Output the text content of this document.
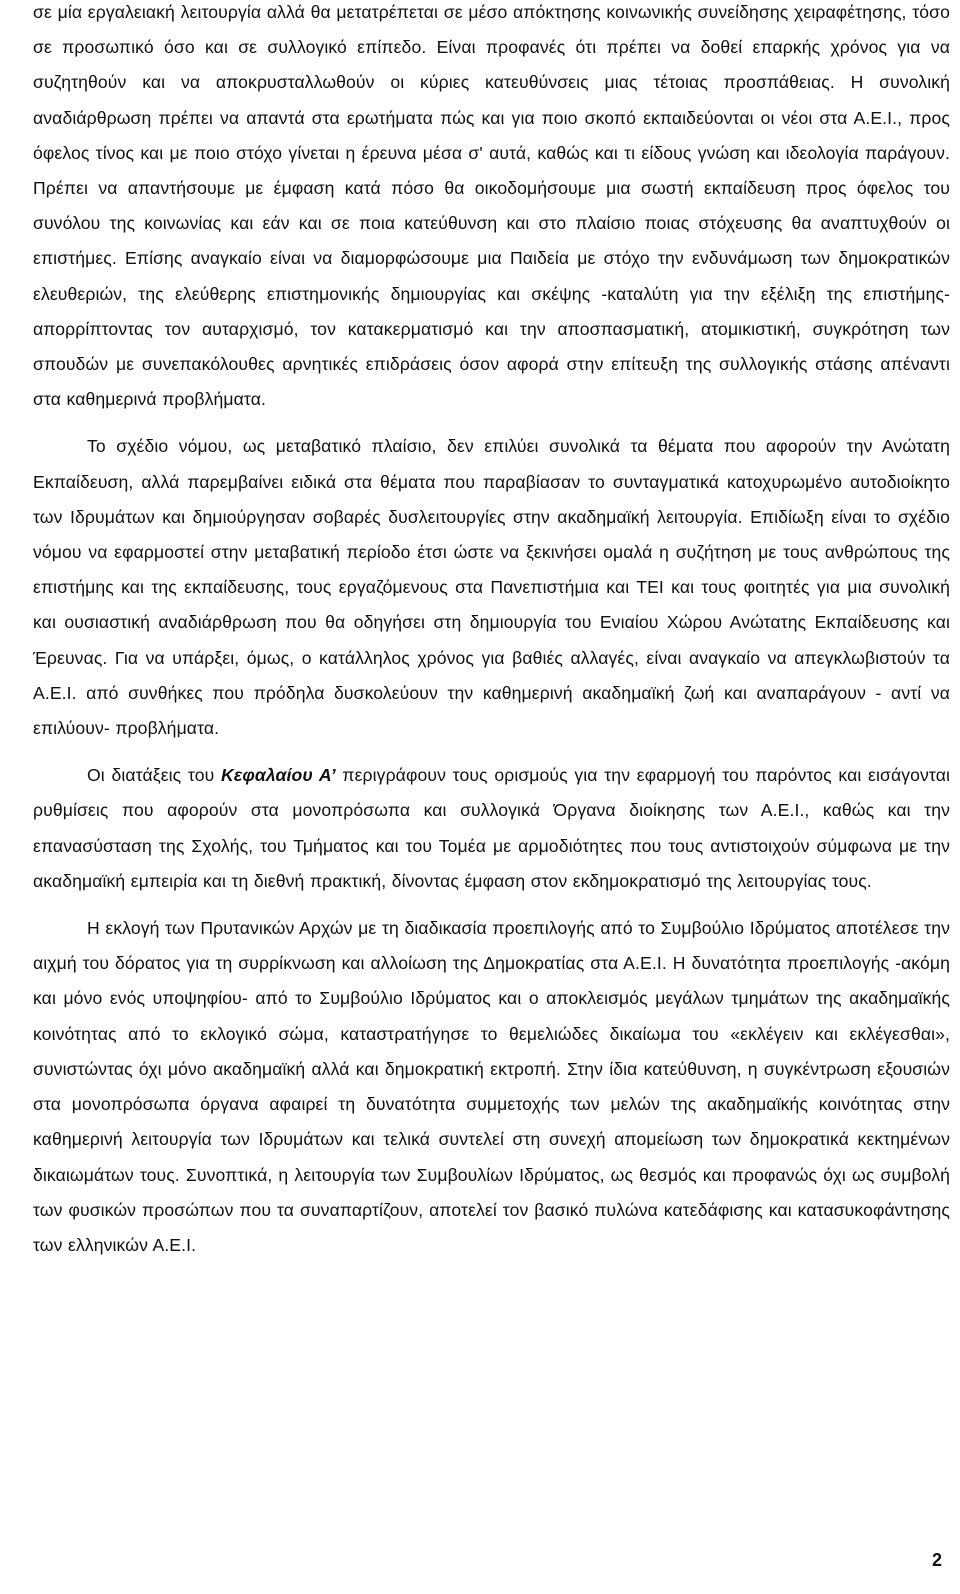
σε μία εργαλειακή λειτουργία αλλά θα μετατρέπεται σε μέσο απόκτησης κοινωνικής συνείδησης χειραφέτησης, τόσο σε προσωπικό όσο και σε συλλογικό επίπεδο. Είναι προφανές ότι πρέπει να δοθεί επαρκής χρόνος για να συζητηθούν και να αποκρυσταλλωθούν οι κύριες κατευθύνσεις μιας τέτοιας προσπάθειας. Η συνολική αναδιάρθρωση πρέπει να απαντά στα ερωτήματα πώς και για ποιο σκοπό εκπαιδεύονται οι νέοι στα Α.Ε.Ι., προς όφελος τίνος και με ποιο στόχο γίνεται η έρευνα μέσα σ' αυτά, καθώς και τι είδους γνώση και ιδεολογία παράγουν. Πρέπει να απαντήσουμε με έμφαση κατά πόσο θα οικοδομήσουμε μια σωστή εκπαίδευση προς όφελος του συνόλου της κοινωνίας και εάν και σε ποια κατεύθυνση και στο πλαίσιο ποιας στόχευσης θα αναπτυχθούν οι επιστήμες. Επίσης αναγκαίο είναι να διαμορφώσουμε μια Παιδεία με στόχο την ενδυνάμωση των δημοκρατικών ελευθεριών, της ελεύθερης επιστημονικής δημιουργίας και σκέψης -καταλύτη για την εξέλιξη της επιστήμης- απορρίπτοντας τον αυταρχισμό, τον κατακερματισμό και την αποσπασματική, ατομικιστική, συγκρότηση των σπουδών με συνεπακόλουθες αρνητικές επιδράσεις όσον αφορά στην επίτευξη της συλλογικής στάσης απέναντι στα καθημερινά προβλήματα.

Το σχέδιο νόμου, ως μεταβατικό πλαίσιο, δεν επιλύει συνολικά τα θέματα που αφορούν την Ανώτατη Εκπαίδευση, αλλά παρεμβαίνει ειδικά στα θέματα που παραβίασαν το συνταγματικά κατοχυρωμένο αυτοδιοίκητο των Ιδρυμάτων και δημιούργησαν σοβαρές δυσλειτουργίες στην ακαδημαϊκή λειτουργία. Επιδίωξη είναι το σχέδιο νόμου να εφαρμοστεί στην μεταβατική περίοδο έτσι ώστε να ξεκινήσει ομαλά η συζήτηση με τους ανθρώπους της επιστήμης και της εκπαίδευσης, τους εργαζόμενους στα Πανεπιστήμια και ΤΕΙ και τους φοιτητές για μια συνολική και ουσιαστική αναδιάρθρωση που θα οδηγήσει στη δημιουργία του Ενιαίου Χώρου Ανώτατης Εκπαίδευσης και Έρευνας. Για να υπάρξει, όμως, ο κατάλληλος χρόνος για βαθιές αλλαγές, είναι αναγκαίο να απεγκλωβιστούν τα Α.Ε.Ι. από συνθήκες που πρόδηλα δυσκολεύουν την καθημερινή ακαδημαϊκή ζωή και αναπαράγουν - αντί να επιλύουν- προβλήματα.

Οι διατάξεις του Κεφαλαίου Α’ περιγράφουν τους ορισμούς για την εφαρμογή του παρόντος και εισάγονται ρυθμίσεις που αφορούν στα μονοπρόσωπα και συλλογικά Όργανα διοίκησης των Α.Ε.Ι., καθώς και την επανασύσταση της Σχολής, του Τμήματος και του Τομέα με αρμοδιότητες που τους αντιστοιχούν σύμφωνα με την ακαδημαϊκή εμπειρία και τη διεθνή πρακτική, δίνοντας έμφαση στον εκδημοκρατισμό της λειτουργίας τους.

Η εκλογή των Πρυτανικών Αρχών με τη διαδικασία προεπιλογής από το Συμβούλιο Ιδρύματος αποτέλεσε την αιχμή του δόρατος για τη συρρίκνωση και αλλοίωση της Δημοκρατίας στα Α.Ε.Ι. Η δυνατότητα προεπιλογής -ακόμη και μόνο ενός υποψηφίου- από το Συμβούλιο Ιδρύματος και ο αποκλεισμός μεγάλων τμημάτων της ακαδημαϊκής κοινότητας από το εκλογικό σώμα, καταστρατήγησε το θεμελιώδες δικαίωμα του «εκλέγειν και εκλέγεσθαι», συνιστώντας όχι μόνο ακαδημαϊκή αλλά και δημοκρατική εκτροπή. Στην ίδια κατεύθυνση, η συγκέντρωση εξουσιών στα μονοπρόσωπα όργανα αφαιρεί τη δυνατότητα συμμετοχής των μελών της ακαδημαϊκής κοινότητας στην καθημερινή λειτουργία των Ιδρυμάτων και τελικά συντελεί στη συνεχή απομείωση των δημοκρατικά κεκτημένων δικαιωμάτων τους. Συνοπτικά, η λειτουργία των Συμβουλίων Ιδρύματος, ως θεσμός και προφανώς όχι ως συμβολή των φυσικών προσώπων που τα συναπαρτίζουν, αποτελεί τον βασικό πυλώνα κατεδάφισης και κατασυκοφάντησης των ελληνικών Α.Ε.Ι.

2
